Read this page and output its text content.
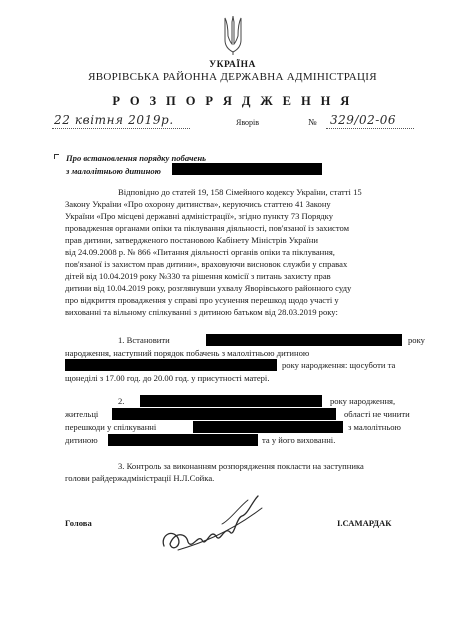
УКРАЇНА
ЯВОРІВСЬКА РАЙОННА ДЕРЖАВНА АДМІНІСТРАЦІЯ
Р О З П О Р Я Д Ж Е Н Н Я
22 квітня 2019р.	Яворів	№ 329/02-06
Про встановлення порядку побачень
з малолітньою дитиною
Відповідно до статей 19, 158 Сімейного кодексу України, статті 15
Закону України «Про охорону дитинства», керуючись статтею 41 Закону
України «Про місцеві державні адміністрації», згідно пункту 73 Порядку
провадження органами опіки та піклування діяльності, пов'язаної із захистом
прав дитини, затвердженого постановою Кабінету Міністрів України
від 24.09.2008 р. № 866 «Питання діяльності органів опіки та піклування,
пов'язаної із захистом прав дитини», враховуючи висновок служби у справах
дітей від 10.04.2019 року №330 та рішення комісії з питань захисту прав
дитини від 10.04.2019 року, розглянувши ухвалу Яворівського районного суду
про відкриття провадження у справі про усунення перешкод щодо участі у
вихованні та вільному спілкуванні з дитиною батьком від 28.03.2019 року:
1. Встановити	року
народження, наступний порядок побачень з малолітньою дитиною
року народження: щосуботи та
щонеділі з 17.00 год. до 20.00 год. у присутності матері.
2.	року народження,
жительці	області не чинити
перешкоди у спілкуванні	з малолітньою
дитиною	та у його вихованні.
3. Контроль за виконанням розпорядження покласти на заступника
голови райдержадміністрації Н.Л.Сойка.
Голова	І.САМАРДАК
